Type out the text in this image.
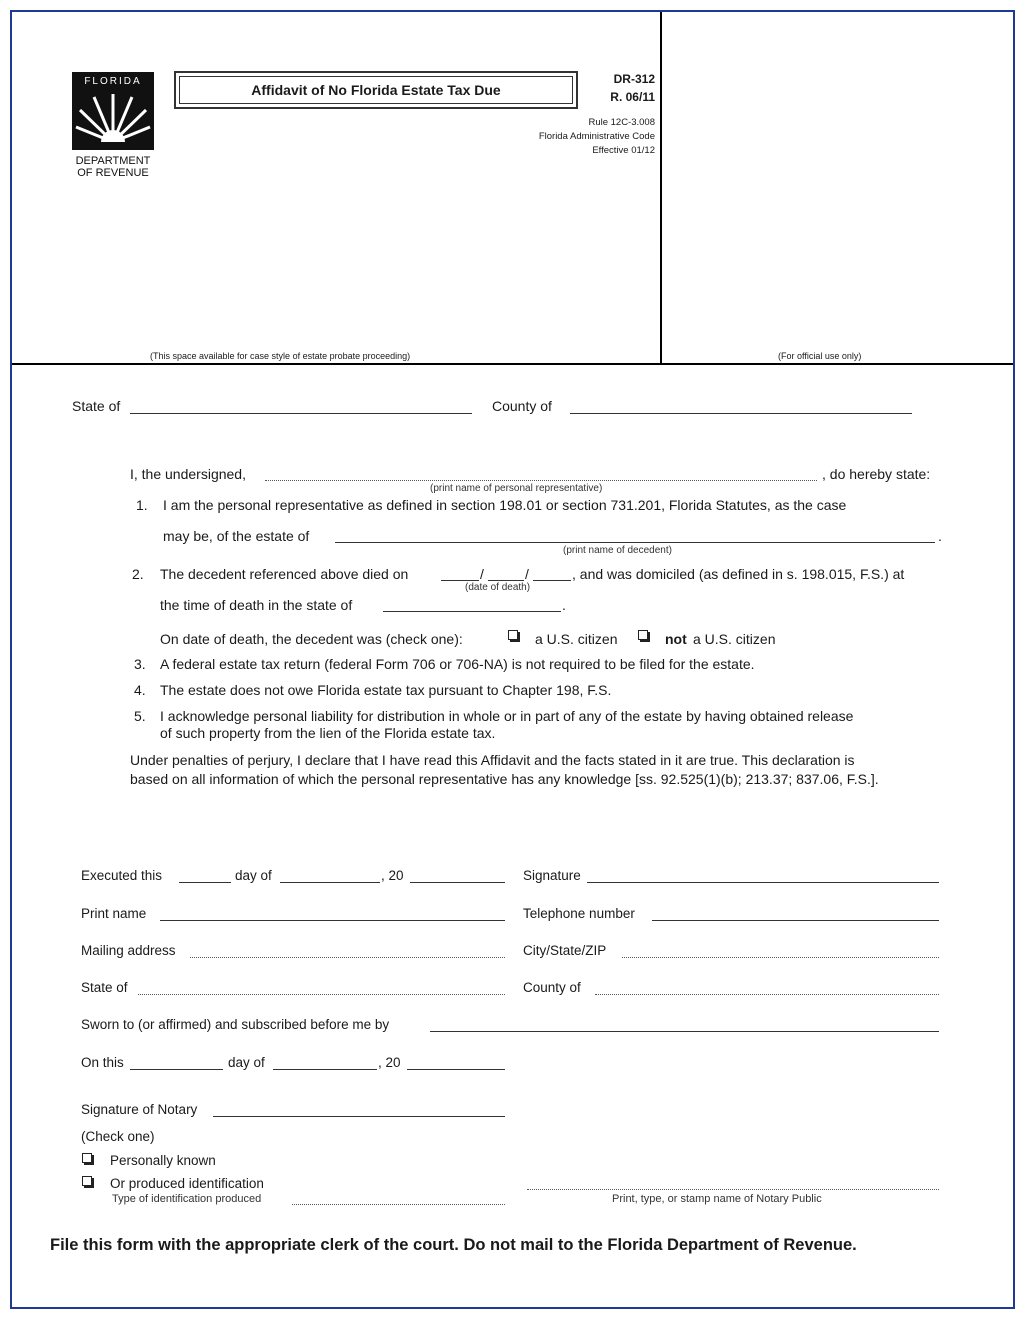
FLORIDA
DEPARTMENT
OF REVENUE
Affidavit of No Florida Estate Tax Due
DR-312
R. 06/11
Rule 12C-3.008
Florida Administrative Code
Effective 01/12
(This space available for case style of estate probate proceeding)	(For official use only)
State of	County of
I, the undersigned,	, do hereby state:
(print name of personal representative)
1. I am the personal representative as defined in section 198.01 or section 731.201, Florida Statutes, as the case
may be, of the estate of	.
(print name of decedent)
2. The decedent referenced above died on	/	/	, and was domiciled (as defined in s. 198.015, F.S.) at
(date of death)
the time of death in the state of	.
On date of death, the decedent was (check one):	a U.S. citizen	not a U.S. citizen
3. A federal estate tax return (federal Form 706 or 706-NA) is not required to be filed for the estate.
4. The estate does not owe Florida estate tax pursuant to Chapter 198, F.S.
5. I acknowledge personal liability for distribution in whole or in part of any of the estate by having obtained release
of such property from the lien of the Florida estate tax.
Under penalties of perjury, I declare that I have read this Affidavit and the facts stated in it are true. This declaration is
based on all information of which the personal representative has any knowledge [ss. 92.525(1)(b); 213.37; 837.06, F.S.].
Executed this	day of	, 20	Signature
Print name	Telephone number
Mailing address	City/State/ZIP
State of	County of
Sworn to (or affirmed) and subscribed before me by
On this	day of	, 20
Signature of Notary
(Check one)
Personally known
Or produced identification
Type of identification produced	Print, type, or stamp name of Notary Public
File this form with the appropriate clerk of the court. Do not mail to the Florida Department of Revenue.
